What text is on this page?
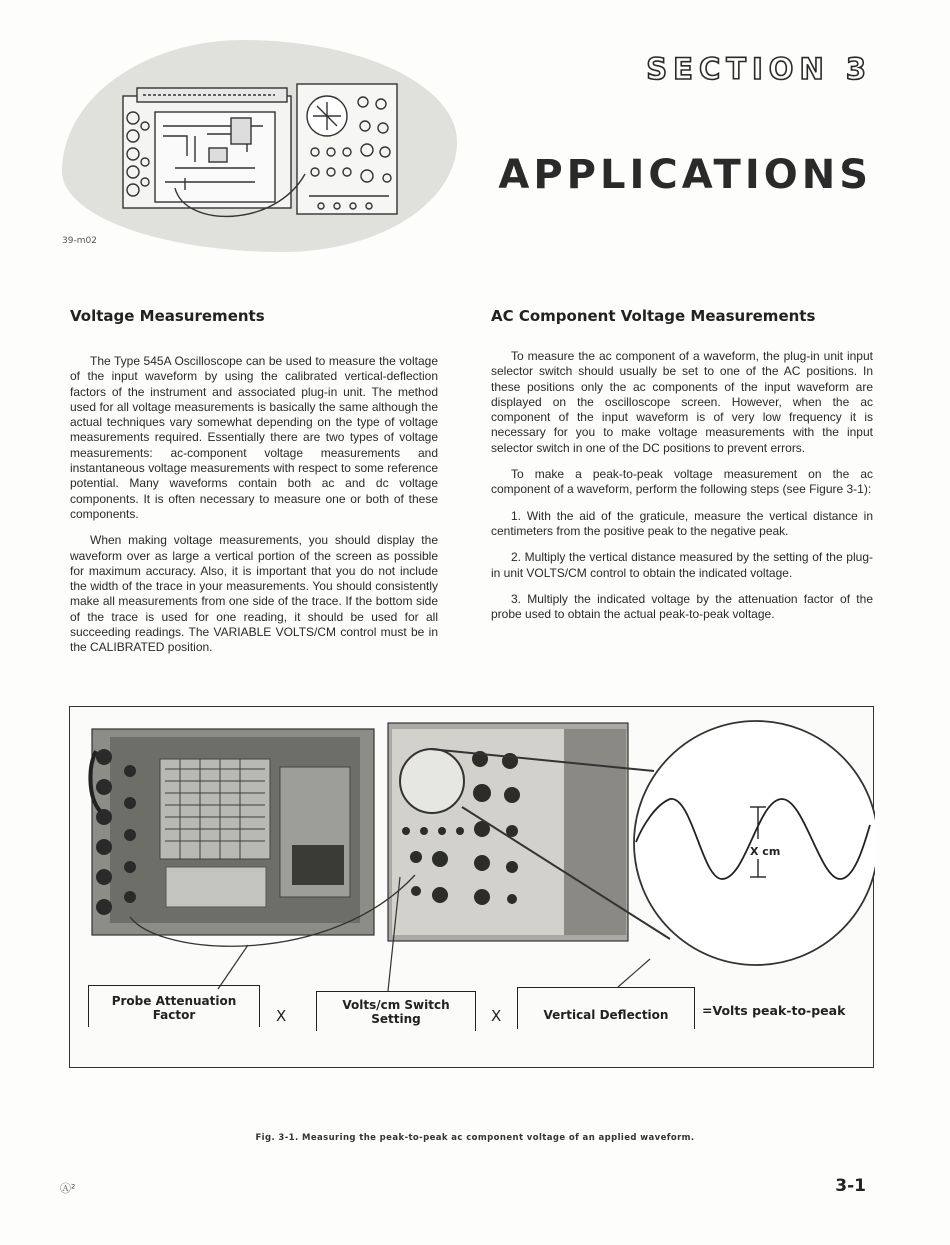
39-m02
SECTION 3
APPLICATIONS
Voltage Measurements

The Type 545A Oscilloscope can be used to measure the voltage of the input waveform by using the calibrated vertical-deflection factors of the instrument and associated plug-in unit. The method used for all voltage measurements is basically the same although the actual techniques vary somewhat depending on the type of voltage measurements required. Essentially there are two types of voltage measurements: ac-component voltage measurements and instantaneous voltage measurements with respect to some reference potential. Many waveforms contain both ac and dc voltage components. It is often necessary to measure one or both of these components.

When making voltage measurements, you should display the waveform over as large a vertical portion of the screen as possible for maximum accuracy. Also, it is important that you do not include the width of the trace in your measurements. You should consistently make all measurements from one side of the trace. If the bottom side of the trace is used for one reading, it should be used for all succeeding readings. The VARIABLE VOLTS/CM control must be in the CALIBRATED position.

AC Component Voltage Measurements

To measure the ac component of a waveform, the plug-in unit input selector switch should usually be set to one of the AC positions. In these positions only the ac components of the input waveform are displayed on the oscilloscope screen. However, when the ac component of the input waveform is of very low frequency it is necessary for you to make voltage measurements with the input selector switch in one of the DC positions to prevent errors.

To make a peak-to-peak voltage measurement on the ac component of a waveform, perform the following steps (see Figure 3-1):

1. With the aid of the graticule, measure the vertical distance in centimeters from the positive peak to the negative peak.

2. Multiply the vertical distance measured by the setting of the plug-in unit VOLTS/CM control to obtain the indicated voltage.

3. Multiply the indicated voltage by the attenuation factor of the probe used to obtain the actual peak-to-peak voltage.

X cm
Probe Attenuation
Factor	X
Volts/cm Switch
Setting	X	Vertical Deflection	=Volts peak-to-peak
Fig. 3-1. Measuring the peak-to-peak ac component voltage of an applied waveform.
Ⓐ²	3-1
